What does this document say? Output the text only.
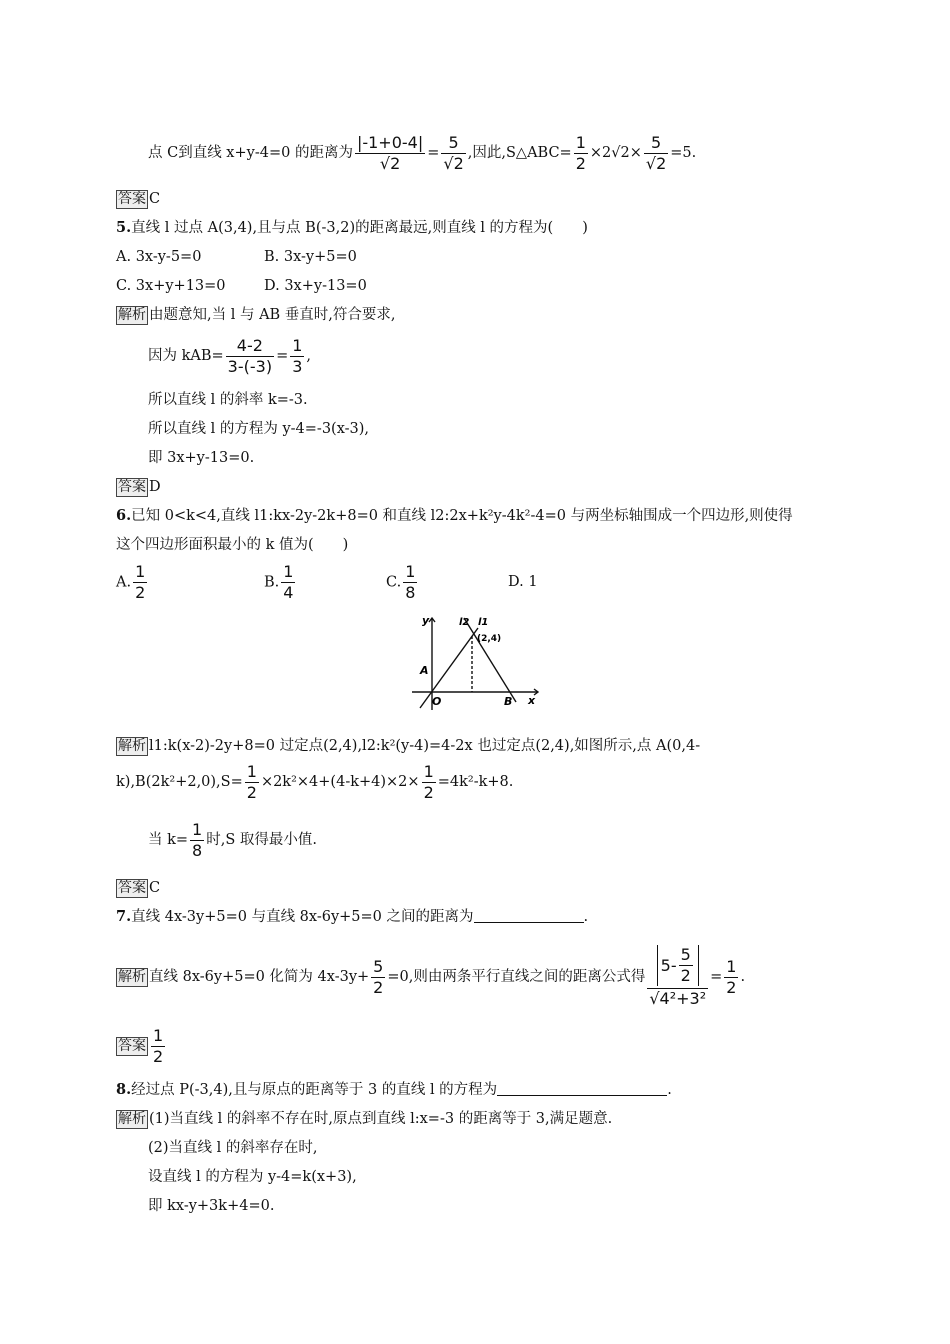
点 C到直线 x+y-4=0 的距离为 $\frac{|-1+0-4|}{√2} = \frac{5}{√2}$ ,因此,S△ABC= $\frac{1}{2} \times 2√2\times \frac{5}{√2} =5$.
答案 C
5.直线 l 过点 A(3,4),且与点 B(-3,2)的距离最远,则直线 l 的方程为(　　)
A. 3x-y-5=0	B. 3x-y+5=0
C. 3x+y+13=0	D. 3x+y-13=0
解析 由题意知,当 l 与 AB 垂直时,符合要求,
因为 $kAB= \frac{4-2}{3-(-3)} = \frac{1}{3}$ ,
所以直线 l 的斜率 k=-3.
所以直线 l 的方程为 y-4=-3(x-3),
即 3x+y-13=0.
答案 D
6.已知 0<k<4,直线 l1:kx-2y-2k+8=0 和直线 l2:2x+k²y-4k²-4=0 与两坐标轴围成一个四边形,则使得
这个四边形面积最小的 k 值为(　　)
A. $\frac{1}{2}$	B. $\frac{1}{4}$	C. $\frac{1}{8}$	D. 1
y	l2 l1
(2,4)
A
O	B x
解析 l1:k(x-2)-2y+8=0 过定点(2,4),l2:k²(y-4)=4-2x 也过定点(2,4),如图所示,点 A(0,4-
$k),B(2k^2+2,0),S= \frac{1}{2} \times 2k^2\times 4+(4-k+4)\times 2\times \frac{1}{2} =4k^2-k+8$.
当 $k= \frac{1}{8}$ 时,S 取得最小值.
答案 C
7.直线 4x-3y+5=0 与直线 8x-6y+5=0 之间的距离为	.
解析 直线 8x-6y+5=0 化简为 $4x-3y+ \frac{5}{2} =0$,则由两条平行直线之间的距离公式得 $\frac{5- \frac{5}{2}}{\text{√4²+3²}} = \frac{1}{2}$ .
答案 $\frac{1}{2}$
8.经过点 P(-3,4),且与原点的距离等于 3 的直线 l 的方程为	.
解析 (1)当直线 l 的斜率不存在时,原点到直线 l:x=-3 的距离等于 3,满足题意.
(2)当直线 l 的斜率存在时,
设直线 l 的方程为 y-4=k(x+3),
即 kx-y+3k+4=0.
